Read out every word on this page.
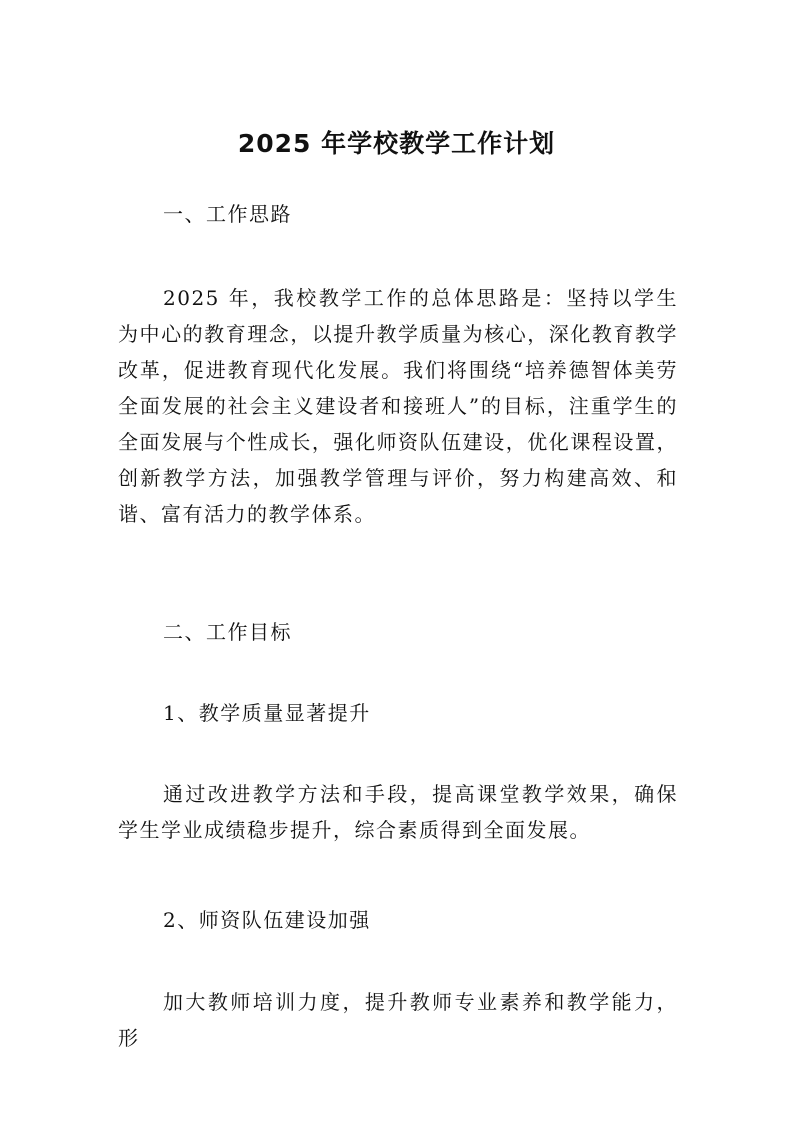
2025 年学校教学工作计划
一、工作思路
2025 年，我校教学工作的总体思路是：坚持以学生为中心的教育理念，以提升教学质量为核心，深化教育教学改革，促进教育现代化发展。我们将围绕“培养德智体美劳全面发展的社会主义建设者和接班人”的目标，注重学生的全面发展与个性成长，强化师资队伍建设，优化课程设置，创新教学方法，加强教学管理与评价，努力构建高效、和谐、富有活力的教学体系。
二、工作目标
1、教学质量显著提升
通过改进教学方法和手段，提高课堂教学效果，确保学生学业成绩稳步提升，综合素质得到全面发展。
2、师资队伍建设加强
加大教师培训力度，提升教师专业素养和教学能力，形
